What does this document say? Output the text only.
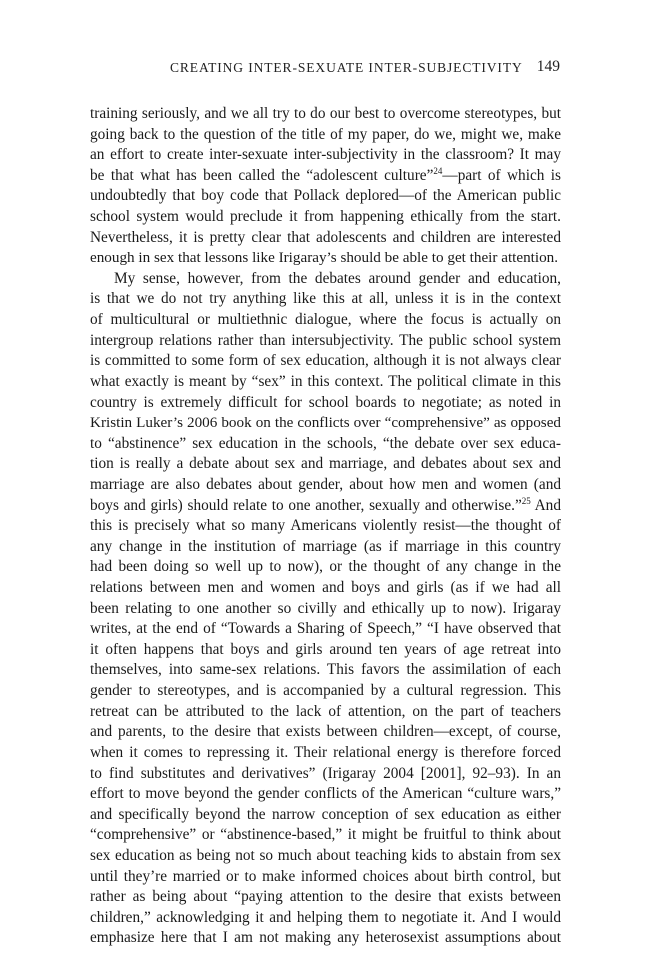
CREATING INTER-SEXUATE INTER-SUBJECTIVITY 149
training seriously, and we all try to do our best to overcome stereotypes, but
going back to the question of the title of my paper, do we, might we, make
an effort to create inter-sexuate inter-subjectivity in the classroom? It may
be that what has been called the “adolescent culture”$^{24}$—part of which is
undoubtedly that boy code that Pollack deplored—of the American public
school system would preclude it from happening ethically from the start.
Nevertheless, it is pretty clear that adolescents and children are interested
enough in sex that lessons like Irigaray’s should be able to get their attention.
My sense, however, from the debates around gender and education,
is that we do not try anything like this at all, unless it is in the context
of multicultural or multiethnic dialogue, where the focus is actually on
intergroup relations rather than intersubjectivity. The public school system
is committed to some form of sex education, although it is not always clear
what exactly is meant by “sex” in this context. The political climate in this
country is extremely difficult for school boards to negotiate; as noted in
Kristin Luker’s 2006 book on the conflicts over “comprehensive” as opposed
to “abstinence” sex education in the schools, “the debate over sex educa-
tion is really a debate about sex and marriage, and debates about sex and
marriage are also debates about gender, about how men and women (and
boys and girls) should relate to one another, sexually and otherwise.”$^{25}$ And
this is precisely what so many Americans violently resist—the thought of
any change in the institution of marriage (as if marriage in this country
had been doing so well up to now), or the thought of any change in the
relations between men and women and boys and girls (as if we had all
been relating to one another so civilly and ethically up to now). Irigaray
writes, at the end of “Towards a Sharing of Speech,” “I have observed that
it often happens that boys and girls around ten years of age retreat into
themselves, into same-sex relations. This favors the assimilation of each
gender to stereotypes, and is accompanied by a cultural regression. This
retreat can be attributed to the lack of attention, on the part of teachers
and parents, to the desire that exists between children—except, of course,
when it comes to repressing it. Their relational energy is therefore forced
to find substitutes and derivatives” (Irigaray 2004 [2001], 92–93). In an
effort to move beyond the gender conflicts of the American “culture wars,”
and specifically beyond the narrow conception of sex education as either
“comprehensive” or “abstinence-based,” it might be fruitful to think about
sex education as being not so much about teaching kids to abstain from sex
until they’re married or to make informed choices about birth control, but
rather as being about “paying attention to the desire that exists between
children,” acknowledging it and helping them to negotiate it. And I would
emphasize here that I am not making any heterosexist assumptions about
